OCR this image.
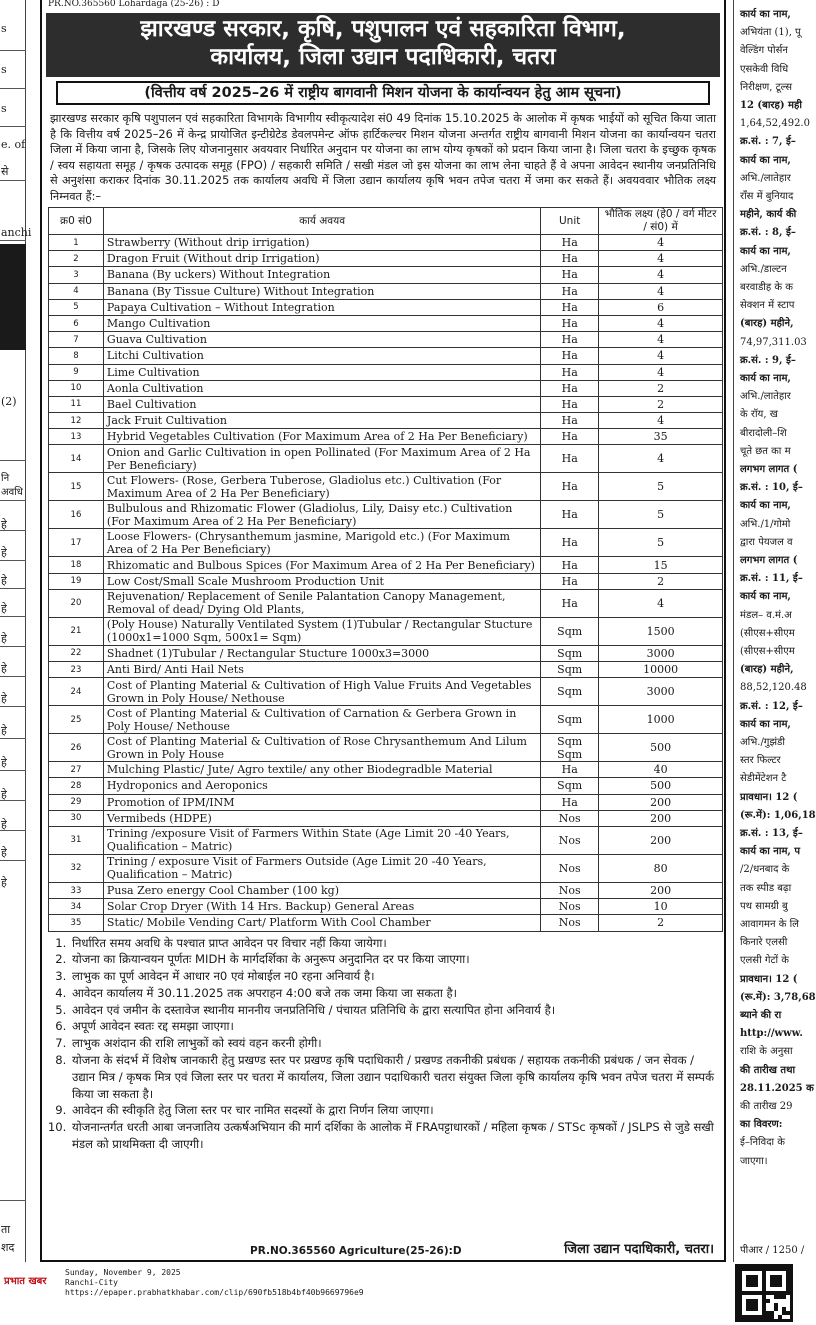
s
s
s
e. of
से
anchi
(2)
हे
हे
हे
हे
हे
हे
हे
हे
हे
हे
हे
हे
हे
ता
शद
नि
अवधि
पीआर / 1250 /
कार्य का नाम,
अभियंता (1), पू
वेल्डिंग पोर्सन
एसकेवी विधि
निरीक्षण, टूल्स
12 (बारह) मही
1,64,52,492.0
क्र.सं. : 7, ई–
कार्य का नाम,
अभि./लातेहार
राँस में बुनियाद
महीने, कार्य की
क्र.सं. : 8, ई–
कार्य का नाम,
अभि./डाल्टन
बरवाडीह के क
सेक्शन में स्टाप
(बारह) महीने,
74,97,311.03
क्र.सं. : 9, ई–
कार्य का नाम,
अभि./लातेहार
के रॉय, ख
बीरादोली–शि
चूते छत का म
लगभग लागत (
क्र.सं. : 10, ई–
कार्य का नाम,
अभि./1/गोमो
द्वारा पेयजल व
लगभग लागत (
क्र.सं. : 11, ई–
कार्य का नाम,
मंडल– व.मं.अ
(सीएस+सीएम
(सीएस+सीएम
(बारह) महीने,
88,52,120.48
क्र.सं. : 12, ई–
कार्य का नाम,
अभि./गुझंडी
स्तर फिल्टर
सेडीमेंटेशन टै
प्रावधान। 12 (
(रू.में): 1,06,18
क्र.सं. : 13, ई–
कार्य का नाम, प
/2/धनबाद के
तक स्पीड बढ़ा
पथ सामग्री बु
आवागमन के लि
किनारे एलसी
एलसी गेटों के
प्रावधान। 12 (
(रू.में): 3,78,68
ब्याने की रा
http://www.
राशि के अनुसा
की तारीख तथा
28.11.2025 क
की तारीख 29
का विवरण:
ई–निविदा के
जाएगा।
PR.NO.365560 Lohardaga (25-26) : D
झारखण्ड सरकार, कृषि, पशुपालन एवं सहकारिता विभाग,
कार्यालय, जिला उद्यान पदाधिकारी, चतरा
(वित्तीय वर्ष 2025–26 में राष्ट्रीय बागवानी मिशन योजना के कार्यान्वयन हेतु आम सूचना)

झारखण्ड सरकार कृषि पशुपालन एवं सहकारिता विभागके विभागीय स्वीकृत्यादेश सं0 49 दिनांक 15.10.2025 के आलोक में कृषक भाईयों को सूचित किया जाता है कि वित्तीय वर्ष 2025–26 में केन्द्र प्रायोजित इन्टीग्रेटेड डेवलपमेन्ट ऑफ हार्टिकल्चर मिशन योजना अन्तर्गत राष्ट्रीय बागवानी मिशन योजना का कार्यान्वयन चतरा जिला में किया जाना है, जिसके लिए योजनानुसार अवयवार निर्धारित अनुदान पर योजना का लाभ योग्य कृषकों को प्रदान किया जाना है। जिला चतरा के इच्छुक कृषक / स्वय सहायता समूह / कृषक उत्पादक समूह (FPO) / सहकारी समिति / सखी मंडल जो इस योजना का लाभ लेना चाहते हैं वे अपना आवेदन स्थानीय जनप्रतिनिधि से अनुशंसा कराकर दिनांक 30.11.2025 तक कार्यालय अवधि में जिला उद्यान कार्यालय कृषि भवन तपेज चतरा में जमा कर सकते हैं। अवयववार भौतिक लक्ष्य निम्नवत हैं:–

क्र0 सं0	कार्य अवयव	Unit	भौतिक लक्ष्य (हे0 / वर्ग मीटर / सं0) में
1	Strawberry (Without drip irrigation)	Ha	4
2	Dragon Fruit (Without drip Irrigation)	Ha	4
3	Banana (By uckers) Without Integration	Ha	4
4	Banana (By Tissue Culture) Without Integration	Ha	4
5	Papaya Cultivation – Without Integration	Ha	6
6	Mango Cultivation	Ha	4
7	Guava Cultivation	Ha	4
8	Litchi Cultivation	Ha	4
9	Lime Cultivation	Ha	4
10	Aonla Cultivation	Ha	2
11	Bael Cultivation	Ha	2
12	Jack Fruit Cultivation	Ha	4
13	Hybrid Vegetables Cultivation (For Maximum Area of 2 Ha Per Beneficiary)	Ha	35
14	Onion and Garlic Cultivation in open Pollinated (For Maximum Area of 2 Ha Per Beneficiary)	Ha	4
15	Cut Flowers- (Rose, Gerbera Tuberose, Gladiolus etc.) Cultivation (For Maximum Area of 2 Ha Per Beneficiary)	Ha	5
16	Bulbulous and Rhizomatic Flower (Gladiolus, Lily, Daisy etc.) Cultivation (For Maximum Area of 2 Ha Per Beneficiary)	Ha	5
17	Loose Flowers- (Chrysanthemum jasmine, Marigold etc.) (For Maximum Area of 2 Ha Per Beneficiary)	Ha	5
18	Rhizomatic and Bulbous Spices (For Maximum Area of 2 Ha Per Beneficiary)	Ha	15
19	Low Cost/Small Scale Mushroom Production Unit	Ha	2
20	Rejuvenation/ Replacement of Senile Palantation Canopy Management, Removal of dead/ Dying Old Plants,	Ha	4
21	(Poly House) Naturally Ventilated System (1)Tubular / Rectangular Stucture (1000x1=1000 Sqm, 500x1= Sqm)	Sqm	1500
22	Shadnet (1)Tubular / Rectangular Stucture 1000x3=3000	Sqm	3000
23	Anti Bird/ Anti Hail Nets	Sqm	10000
24	Cost of Planting Material & Cultivation of High Value Fruits And Vegetables Grown in Poly House/ Nethouse	Sqm	3000
25	Cost of Planting Material & Cultivation of Carnation & Gerbera Grown in Poly House/ Nethouse	Sqm	1000
26	Cost of Planting Material & Cultivation of Rose Chrysanthemum And Lilum Grown in Poly House	Sqm Sqm	500
27	Mulching Plastic/ Jute/ Agro textile/ any other Biodegradble Material	Ha	40
28	Hydroponics and Aeroponics	Sqm	500
29	Promotion of IPM/INM	Ha	200
30	Vermibeds (HDPE)	Nos	200
31	Trining /exposure Visit of Farmers Within State (Age Limit 20 -40 Years, Qualification – Matric)	Nos	200
32	Trining / exposure Visit of Farmers Outside (Age Limit 20 -40 Years, Qualification – Matric)	Nos	80
33	Pusa Zero energy Cool Chamber (100 kg)	Nos	200
34	Solar Crop Dryer (With 14 Hrs. Backup) General Areas	Nos	10
35	Static/ Mobile Vending Cart/ Platform With Cool Chamber	Nos	2
1. निर्धारित समय अवधि के पश्चात प्राप्त आवेदन पर विचार नहीं किया जायेगा।
2. योजना का क्रियान्वयन पूर्णतः MIDH के मार्गदर्शिका के अनुरूप अनुदानित दर पर किया जाएगा।
3. लाभुक का पूर्ण आवेदन में आधार न0 एवं मोबाईल न0 रहना अनिवार्य है।
4. आवेदन कार्यालय में 30.11.2025 तक अपराहन 4:00 बजे तक जमा किया जा सकता है।
5. आवेदन एवं जमीन के दस्तावेज स्थानीय माननीय जनप्रतिनिधि / पंचायत प्रतिनिधि के द्वारा सत्यापित होना अनिवार्य है।
6. अपूर्ण आवेदन स्वतः रद्द समझा जाएगा।
7. लाभुक अशंदान की राशि लाभुकों को स्वयं वहन करनी होगी।
8. योजना के संदर्भ में विशेष जानकारी हेतु प्रखण्ड स्तर पर प्रखण्ड कृषि पदाधिकारी / प्रखण्ड तकनीकी प्रबंधक / सहायक तकनीकी प्रबंधक / जन सेवक / उद्यान मित्र / कृषक मित्र एवं जिला स्तर पर चतरा में कार्यालय, जिला उद्यान पदाधिकारी चतरा संयुक्त जिला कृषि कार्यालय कृषि भवन तपेज चतरा में सम्पर्क किया जा सकता है।
9. आवेदन की स्वीकृति हेतु जिला स्तर पर चार नामित सदस्यों के द्वारा निर्णन लिया जाएगा।
10. योजनान्तर्गत धरती आबा जनजातिय उत्कर्षअभियान की मार्ग दर्शिका के आलोक में FRAपट्टाधारकों / महिला कृषक / STSc कृषकों / JSLPS से जुडे सखी मंडल को प्राथमिक्ता दी जाएगी।
PR.NO.365560 Agriculture(25-26):D	जिला उद्यान पदाधिकारी, चतरा।
प्रभात खबर
Sunday, November 9, 2025
Ranchi-City
https://epaper.prabhatkhabar.com/clip/690fb518b4bf40b9669796e9
